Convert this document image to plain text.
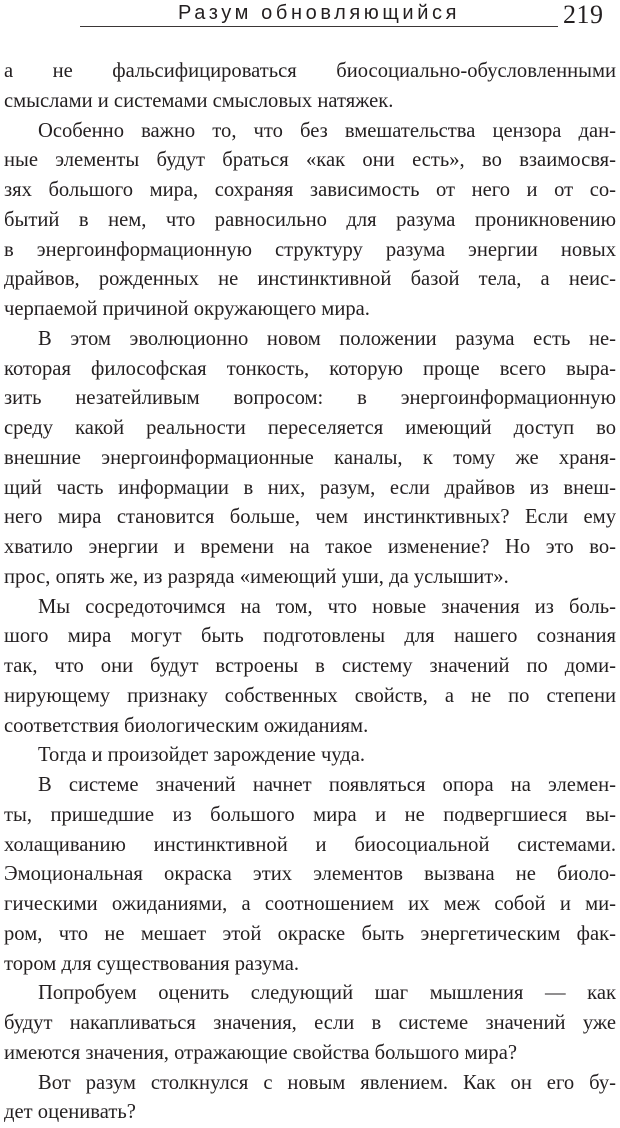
Разум обновляющийся	219
а не фальсифицироваться биосоциально-обусловленными
смыслами и системами смысловых натяжек.
Особенно важно то, что без вмешательства цензора дан-
ные элементы будут браться «как они есть», во взаимосвя-
зях большого мира, сохраняя зависимость от него и от со-
бытий в нем, что равносильно для разума проникновению
в энергоинформационную структуру разума энергии новых
драйвов, рожденных не инстинктивной базой тела, а неис-
черпаемой причиной окружающего мира.
В этом эволюционно новом положении разума есть не-
которая философская тонкость, которую проще всего выра-
зить незатейливым вопросом: в энергоинформационную
среду какой реальности переселяется имеющий доступ во
внешние энергоинформационные каналы, к тому же храня-
щий часть информации в них, разум, если драйвов из внеш-
него мира становится больше, чем инстинктивных? Если ему
хватило энергии и времени на такое изменение? Но это во-
прос, опять же, из разряда «имеющий уши, да услышит».
Мы сосредоточимся на том, что новые значения из боль-
шого мира могут быть подготовлены для нашего сознания
так, что они будут встроены в систему значений по доми-
нирующему признаку собственных свойств, а не по степени
соответствия биологическим ожиданиям.
Тогда и произойдет зарождение чуда.
В системе значений начнет появляться опора на элемен-
ты, пришедшие из большого мира и не подвергшиеся вы-
холащиванию инстинктивной и биосоциальной системами.
Эмоциональная окраска этих элементов вызвана не биоло-
гическими ожиданиями, а соотношением их меж собой и ми-
ром, что не мешает этой окраске быть энергетическим фак-
тором для существования разума.
Попробуем оценить следующий шаг мышления — как
будут накапливаться значения, если в системе значений уже
имеются значения, отражающие свойства большого мира?
Вот разум столкнулся с новым явлением. Как он его бу-
дет оценивать?
